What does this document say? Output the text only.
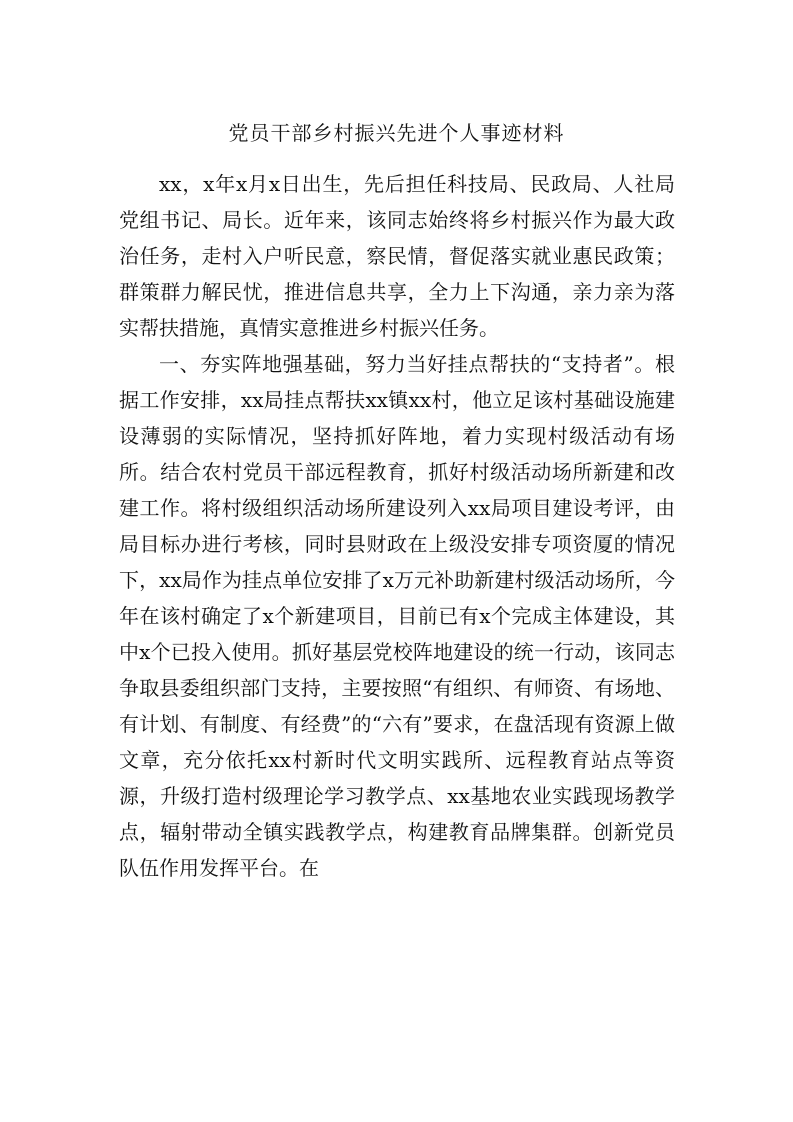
党员干部乡村振兴先进个人事迹材料

xx，x年x月x日出生，先后担任科技局、民政局、人社局党组书记、局长。近年来，该同志始终将乡村振兴作为最大政治任务，走村入户听民意，察民情，督促落实就业惠民政策；群策群力解民忧，推进信息共享，全力上下沟通，亲力亲为落实帮扶措施，真情实意推进乡村振兴任务。

一、夯实阵地强基础，努力当好挂点帮扶的“支持者”。根据工作安排，xx局挂点帮扶xx镇xx村，他立足该村基础设施建设薄弱的实际情况，坚持抓好阵地，着力实现村级活动有场所。结合农村党员干部远程教育，抓好村级活动场所新建和改建工作。将村级组织活动场所建设列入xx局项目建设考评，由局目标办进行考核，同时县财政在上级没安排专项资厦的情况下，xx局作为挂点单位安排了x万元补助新建村级活动场所，今年在该村确定了x个新建项目，目前已有x个完成主体建设，其中x个已投入使用。抓好基层党校阵地建设的统一行动，该同志争取县委组织部门支持，主要按照“有组织、有师资、有场地、有计划、有制度、有经费”的“六有”要求，在盘活现有资源上做文章，充分依托xx村新时代文明实践所、远程教育站点等资源，升级打造村级理论学习教学点、xx基地农业实践现场教学点，辐射带动全镇实践教学点，构建教育品牌集群。创新党员队伍作用发挥平台。在
